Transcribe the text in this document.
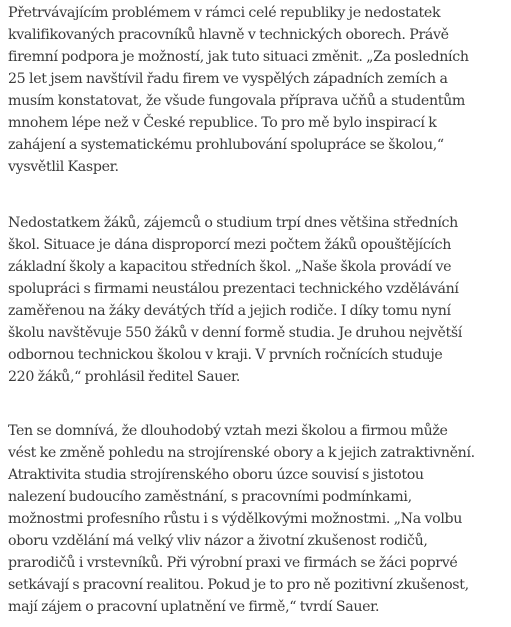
Přetrvávajícím problémem v rámci celé republiky je nedostatek
kvalifikovaných pracovníků hlavně v technických oborech. Právě
firemní podpora je možností, jak tuto situaci změnit. „Za posledních
25 let jsem navštívil řadu firem ve vyspělých západních zemích a
musím konstatovat, že všude fungovala příprava učňů a studentům
mnohem lépe než v České republice. To pro mě bylo inspirací k
zahájení a systematickému prohlubování spolupráce se školou,“
vysvětlil Kasper.

Nedostatkem žáků, zájemců o studium trpí dnes většina středních
škol. Situace je dána disproporcí mezi počtem žáků opouštějících
základní školy a kapacitou středních škol. „Naše škola provádí ve
spolupráci s firmami neustálou prezentaci technického vzdělávání
zaměřenou na žáky devátých tříd a jejich rodiče. I díky tomu nyní
školu navštěvuje 550 žáků v denní formě studia. Je druhou největší
odbornou technickou školou v kraji. V prvních ročnících studuje
220 žáků,“ prohlásil ředitel Sauer.

Ten se domnívá, že dlouhodobý vztah mezi školou a firmou může
vést ke změně pohledu na strojírenské obory a k jejich zatraktivnění.
Atraktivita studia strojírenského oboru úzce souvisí s jistotou
nalezení budoucího zaměstnání, s pracovními podmínkami,
možnostmi profesního růstu i s výdělkovými možnostmi. „Na volbu
oboru vzdělání má velký vliv názor a životní zkušenost rodičů,
prarodičů i vrstevníků. Při výrobní praxi ve firmách se žáci poprvé
setkávají s pracovní realitou. Pokud je to pro ně pozitivní zkušenost,
mají zájem o pracovní uplatnění ve firmě,“ tvrdí Sauer.
